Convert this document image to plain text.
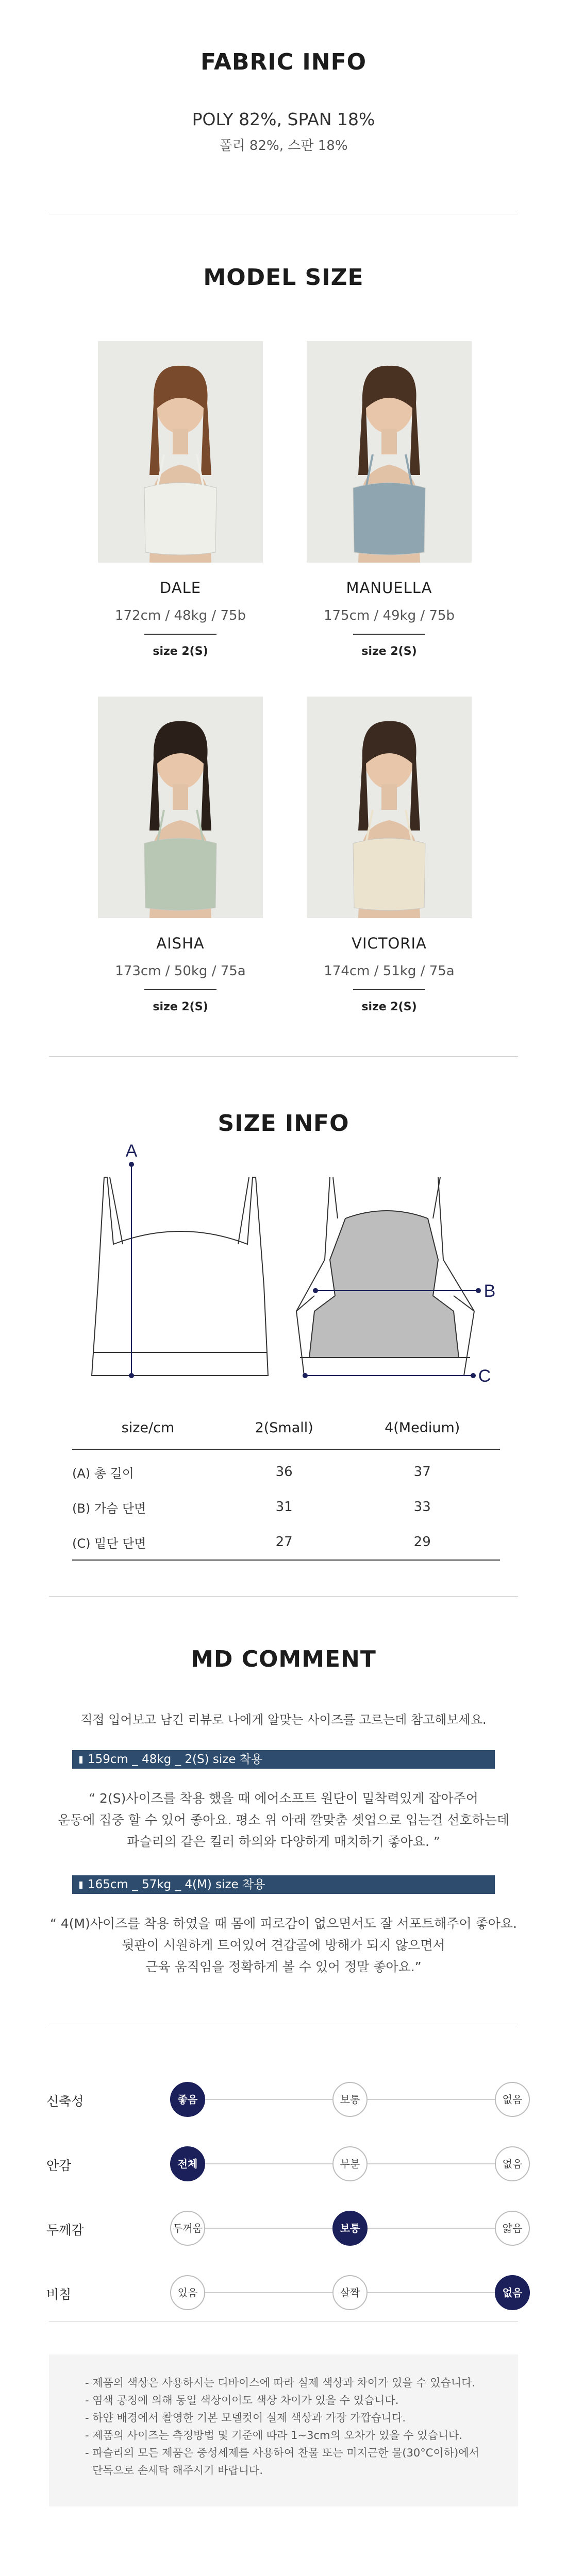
FABRIC INFO
POLY 82%, SPAN 18%
폴리 82%, 스판 18%
MODEL SIZE
DALE
172cm / 48kg / 75b
size 2(S)
MANUELLA
175cm / 49kg / 75b
size 2(S)
AISHA
173cm / 50kg / 75a
size 2(S)
VICTORIA
174cm / 51kg / 75a
size 2(S)
SIZE INFO
A
B
C
size/cm	2(Small)	4(Medium)
(A) 총 길이	36	37
(B) 가슴 단면	31	33
(C) 밑단 단면	27	29
MD COMMENT
직접 입어보고 남긴 리뷰로 나에게 알맞는 사이즈를 고르는데 참고해보세요.
159cm _ 48kg _ 2(S) size 착용
“ 2(S)사이즈를 착용 했을 때 에어소프트 원단이 밀착력있게 잡아주어
운동에 집중 할 수 있어 좋아요. 평소 위 아래 깔맞춤 셋업으로 입는걸 선호하는데
파슬리의 같은 컬러 하의와 다양하게 매치하기 좋아요. ”
165cm _ 57kg _ 4(M) size 착용
“ 4(M)사이즈를 착용 하였을 때 몸에 피로감이 없으면서도 잘 서포트해주어 좋아요.
뒷판이 시원하게 트여있어 견갑골에 방해가 되지 않으면서
근육 움직임을 정확하게 볼 수 있어 정말 좋아요.”
신축성	좋음	보통	없음
안감	전체	부분	없음
두께감	두꺼움	보통	얇음
비침	있음	살짝	없음
- 제품의 색상은 사용하시는 디바이스에 따라 실제 색상과 차이가 있을 수 있습니다.
- 염색 공정에 의해 동일 색상이어도 색상 차이가 있을 수 있습니다.
- 하얀 배경에서 촬영한 기본 모델컷이 실제 색상과 가장 가깝습니다.
- 제품의 사이즈는 측정방법 및 기준에 따라 1~3cm의 오차가 있을 수 있습니다.
- 파슬리의 모든 제품은 중성세제를 사용하여 찬물 또는 미지근한 물(30°C이하)에서
단독으로 손세탁 해주시기 바랍니다.
